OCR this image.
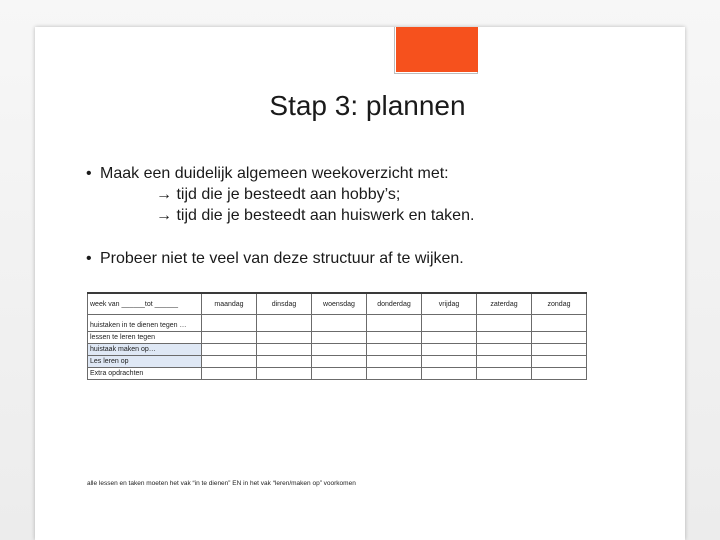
Stap 3: plannen
• Maak een duidelijk algemeen weekoverzicht met:
→ tijd die je besteedt aan hobby’s;
→ tijd die je besteedt aan huiswerk en taken.
• Probeer niet te veel van deze structuur af te wijken.
week van ______tot ______	maandag	dinsdag	woensdag	donderdag	vrijdag	zaterdag	zondag
huistaken in te dienen tegen …							
lessen te leren tegen							
huistaak maken op…							
Les leren op							
Extra opdrachten							
alle lessen en taken moeten het vak “in te dienen” EN in het vak “leren/maken op” voorkomen
